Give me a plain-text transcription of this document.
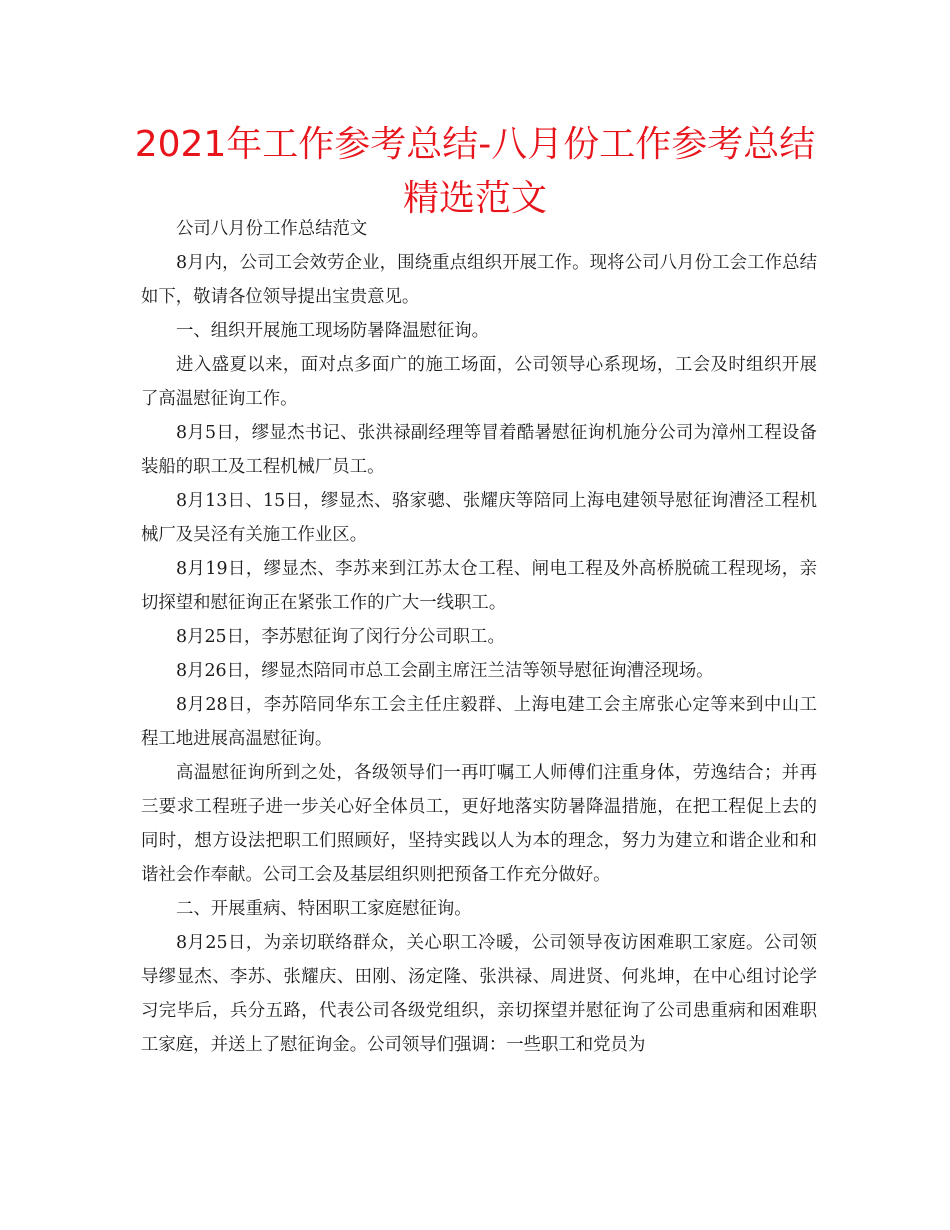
2021年工作参考总结-八月份工作参考总结精选范文

公司八月份工作总结范文

8月内，公司工会效劳企业，围绕重点组织开展工作。现将公司八月份工会工作总结如下，敬请各位领导提出宝贵意见。

一、组织开展施工现场防暑降温慰征询。

进入盛夏以来，面对点多面广的施工场面，公司领导心系现场，工会及时组织开展了高温慰征询工作。

8月5日，缪显杰书记、张洪禄副经理等冒着酷暑慰征询机施分公司为漳州工程设备装船的职工及工程机械厂员工。

8月13日、15日，缪显杰、骆家骢、张耀庆等陪同上海电建领导慰征询漕泾工程机械厂及吴泾有关施工作业区。

8月19日，缪显杰、李苏来到江苏太仓工程、闸电工程及外高桥脱硫工程现场，亲切探望和慰征询正在紧张工作的广大一线职工。

8月25日，李苏慰征询了闵行分公司职工。

8月26日，缪显杰陪同市总工会副主席汪兰洁等领导慰征询漕泾现场。

8月28日，李苏陪同华东工会主任庄毅群、上海电建工会主席张心定等来到中山工程工地进展高温慰征询。

高温慰征询所到之处，各级领导们一再叮嘱工人师傅们注重身体，劳逸结合；并再三要求工程班子进一步关心好全体员工，更好地落实防暑降温措施，在把工程促上去的同时，想方设法把职工们照顾好，坚持实践以人为本的理念，努力为建立和谐企业和和谐社会作奉献。公司工会及基层组织则把预备工作充分做好。

二、开展重病、特困职工家庭慰征询。

8月25日，为亲切联络群众，关心职工冷暖，公司领导夜访困难职工家庭。公司领导缪显杰、李苏、张耀庆、田刚、汤定隆、张洪禄、周进贤、何兆坤，在中心组讨论学习完毕后，兵分五路，代表公司各级党组织，亲切探望并慰征询了公司患重病和困难职工家庭，并送上了慰征询金。公司领导们强调：一些职工和党员为
